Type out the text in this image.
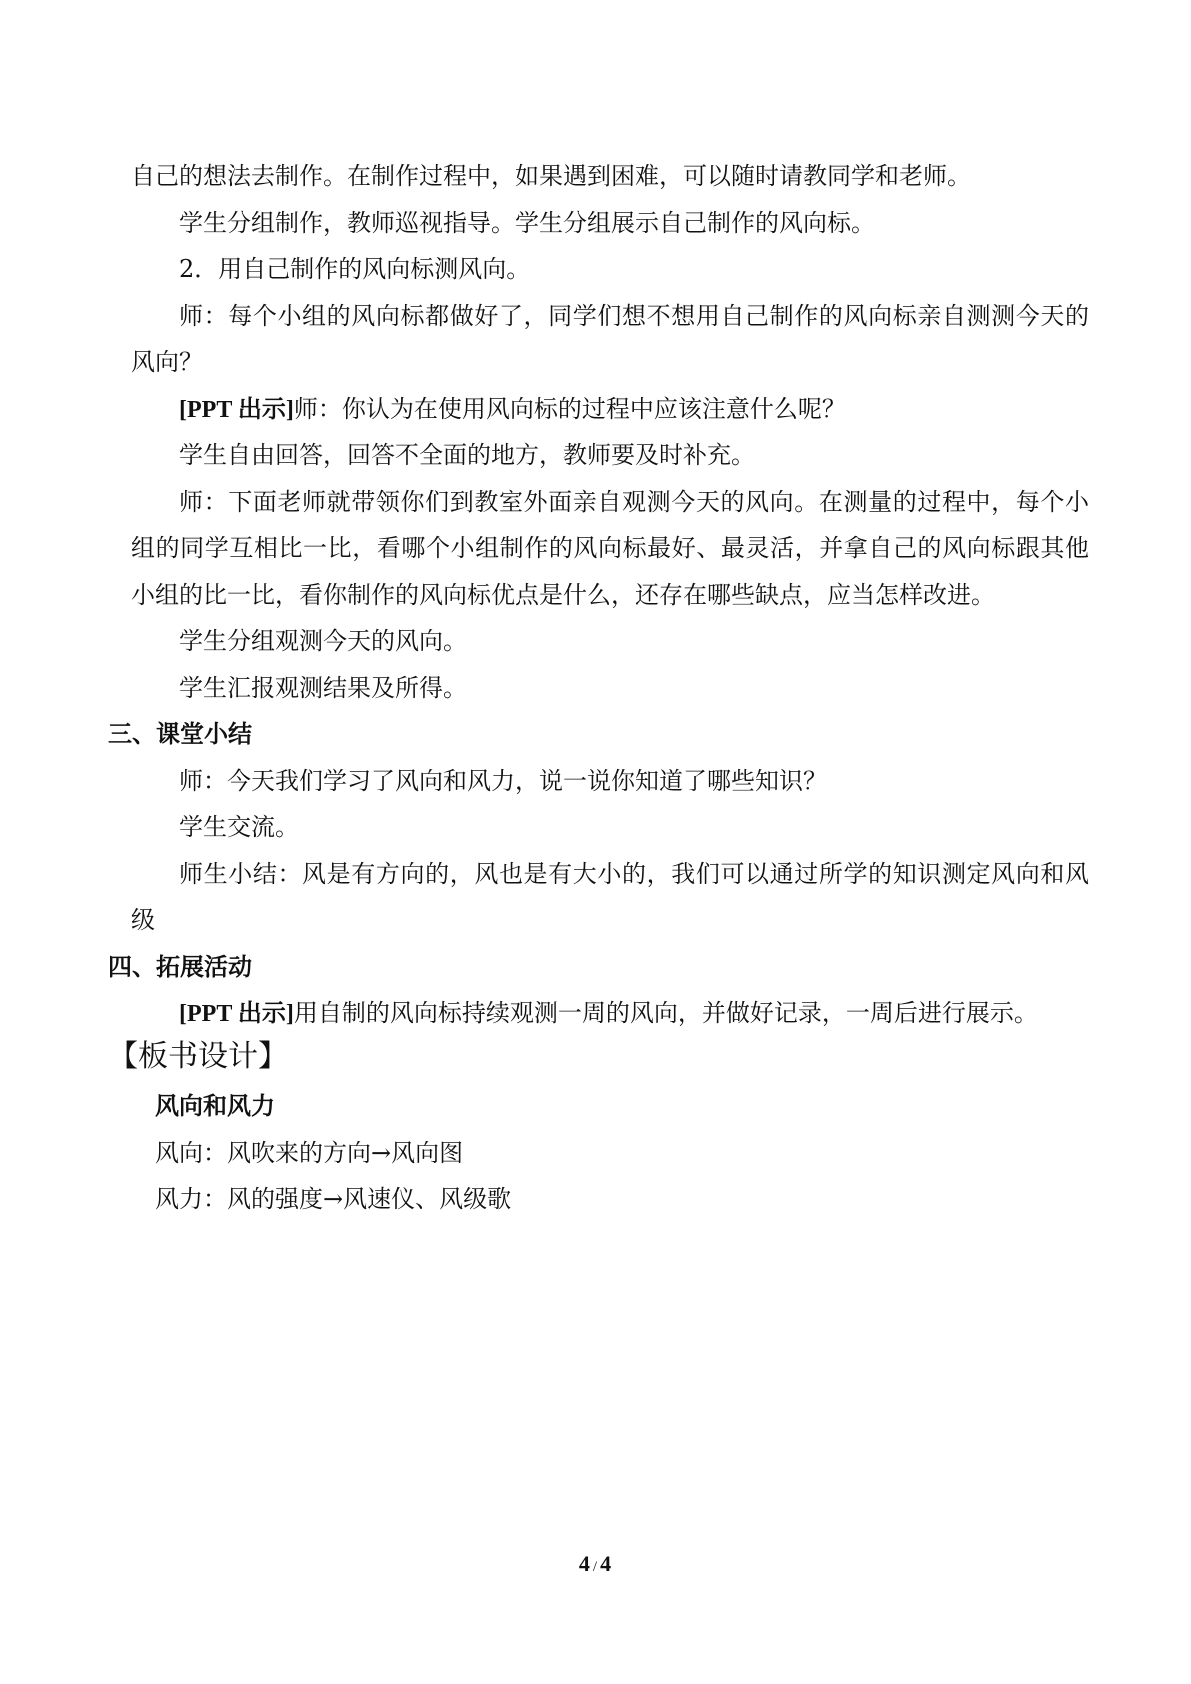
自己的想法去制作。在制作过程中，如果遇到困难，可以随时请教同学和老师。
学生分组制作，教师巡视指导。学生分组展示自己制作的风向标。
2．用自己制作的风向标测风向。
师：每个小组的风向标都做好了，同学们想不想用自己制作的风向标亲自测测今天的
风向？
[PPT 出示]师：你认为在使用风向标的过程中应该注意什么呢？
学生自由回答，回答不全面的地方，教师要及时补充。
师：下面老师就带领你们到教室外面亲自观测今天的风向。在测量的过程中，每个小
组的同学互相比一比，看哪个小组制作的风向标最好、最灵活，并拿自己的风向标跟其他
小组的比一比，看你制作的风向标优点是什么，还存在哪些缺点，应当怎样改进。
学生分组观测今天的风向。
学生汇报观测结果及所得。
三、课堂小结
师：今天我们学习了风向和风力，说一说你知道了哪些知识？
学生交流。
师生小结：风是有方向的，风也是有大小的，我们可以通过所学的知识测定风向和风
级
四、拓展活动
[PPT 出示]用自制的风向标持续观测一周的风向，并做好记录，一周后进行展示。
【板书设计】
风向和风力
风向：风吹来的方向→风向图
风力：风的强度→风速仪、风级歌
4 / 4
